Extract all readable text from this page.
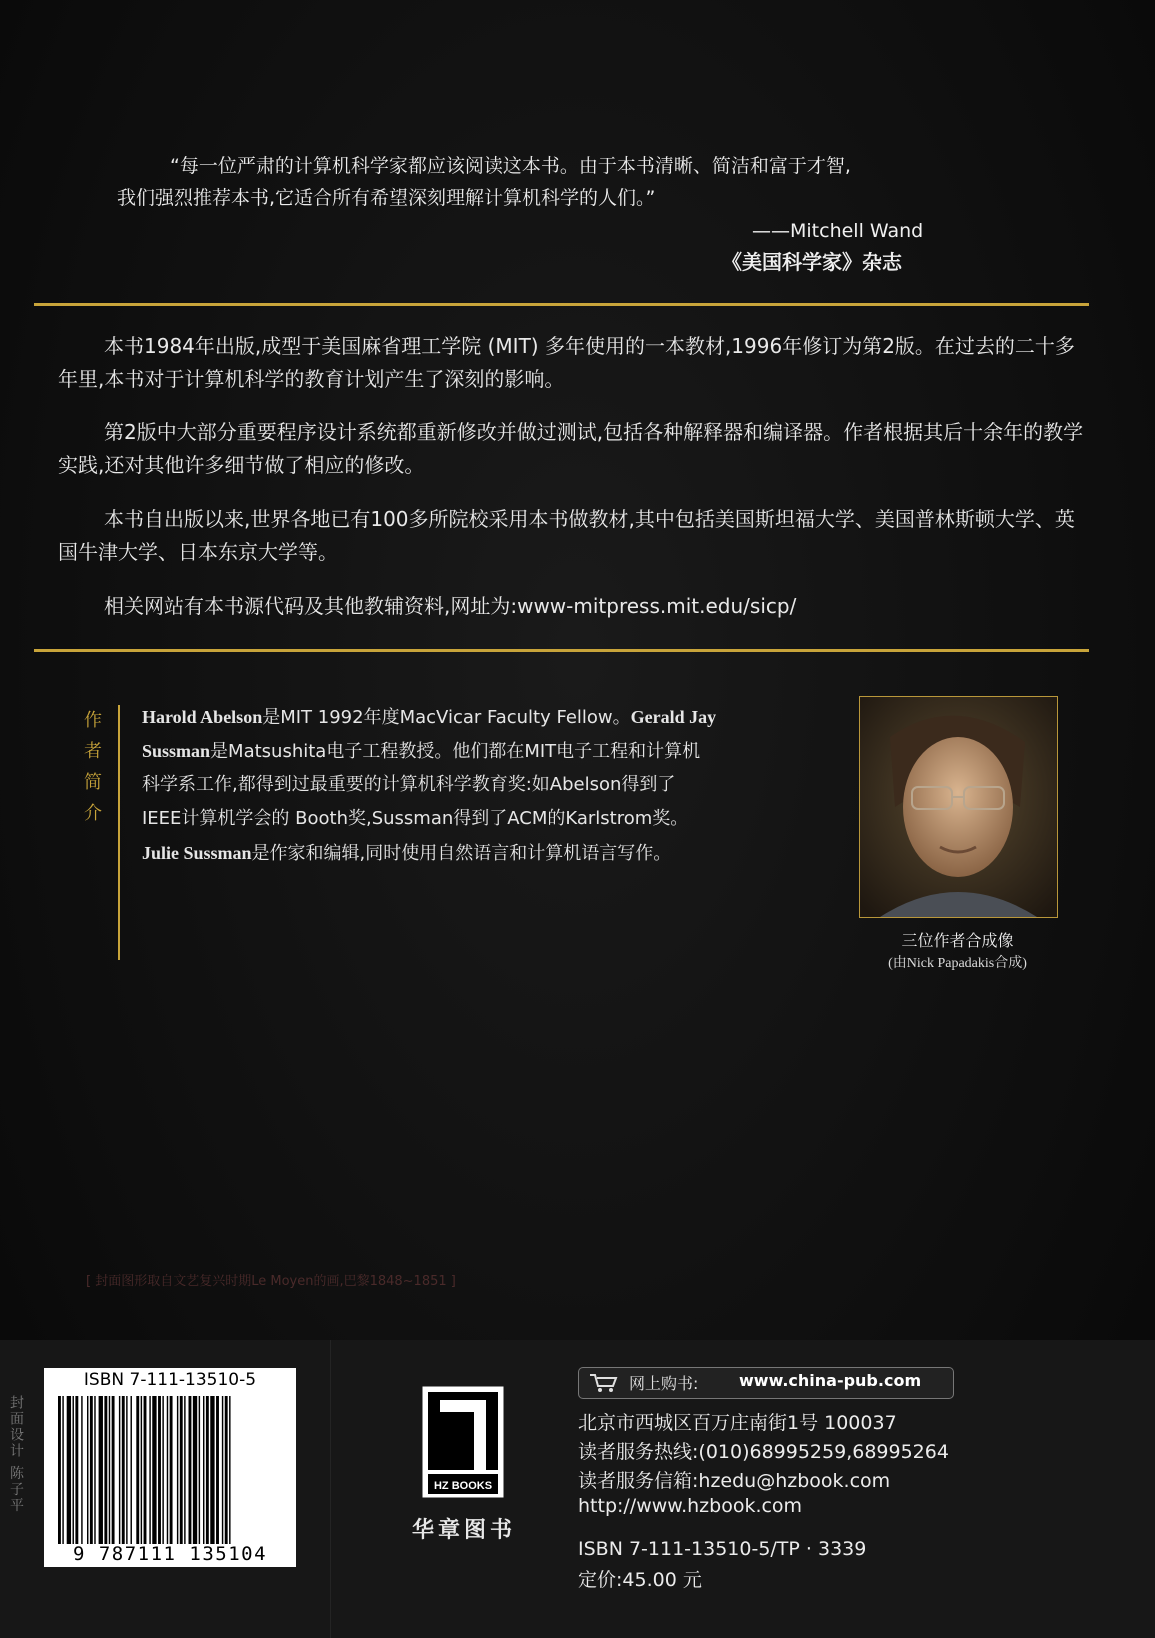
“每一位严肃的计算机科学家都应该阅读这本书。由于本书清晰、简洁和富于才智,
我们强烈推荐本书,它适合所有希望深刻理解计算机科学的人们。”
——Mitchell Wand
《美国科学家》杂志

本书1984年出版,成型于美国麻省理工学院 (MIT) 多年使用的一本教材,1996年修订为第2版。在过去的二十多年里,本书对于计算机科学的教育计划产生了深刻的影响。

第2版中大部分重要程序设计系统都重新修改并做过测试,包括各种解释器和编译器。作者根据其后十余年的教学实践,还对其他许多细节做了相应的修改。

本书自出版以来,世界各地已有100多所院校采用本书做教材,其中包括美国斯坦福大学、美国普林斯顿大学、英国牛津大学、日本东京大学等。

相关网站有本书源代码及其他教辅资料,网址为:www-mitpress.mit.edu/sicp/

作
者
简
介
Harold Abelson是MIT 1992年度MacVicar Faculty Fellow。Gerald Jay
Sussman是Matsushita电子工程教授。他们都在MIT电子工程和计算机
科学系工作,都得到过最重要的计算机科学教育奖:如Abelson得到了
IEEE计算机学会的 Booth奖,Sussman得到了ACM的Karlstrom奖。
Julie Sussman是作家和编辑,同时使用自然语言和计算机语言写作。
三位作者合成像
(由Nick Papadakis合成)
[ 封面图形取自文艺复兴时期Le Moyen的画,巴黎1848~1851 ]
封面设计 陈子平
ISBN 7-111-13510-5
9 787111 135104
HZ BOOKS
华章图书
网上购书:	www.china-pub.com
北京市西城区百万庄南街1号 100037
读者服务热线:(010)68995259,68995264
读者服务信箱:hzedu@hzbook.com
http://www.hzbook.com
ISBN 7-111-13510-5/TP · 3339
定价:45.00 元
